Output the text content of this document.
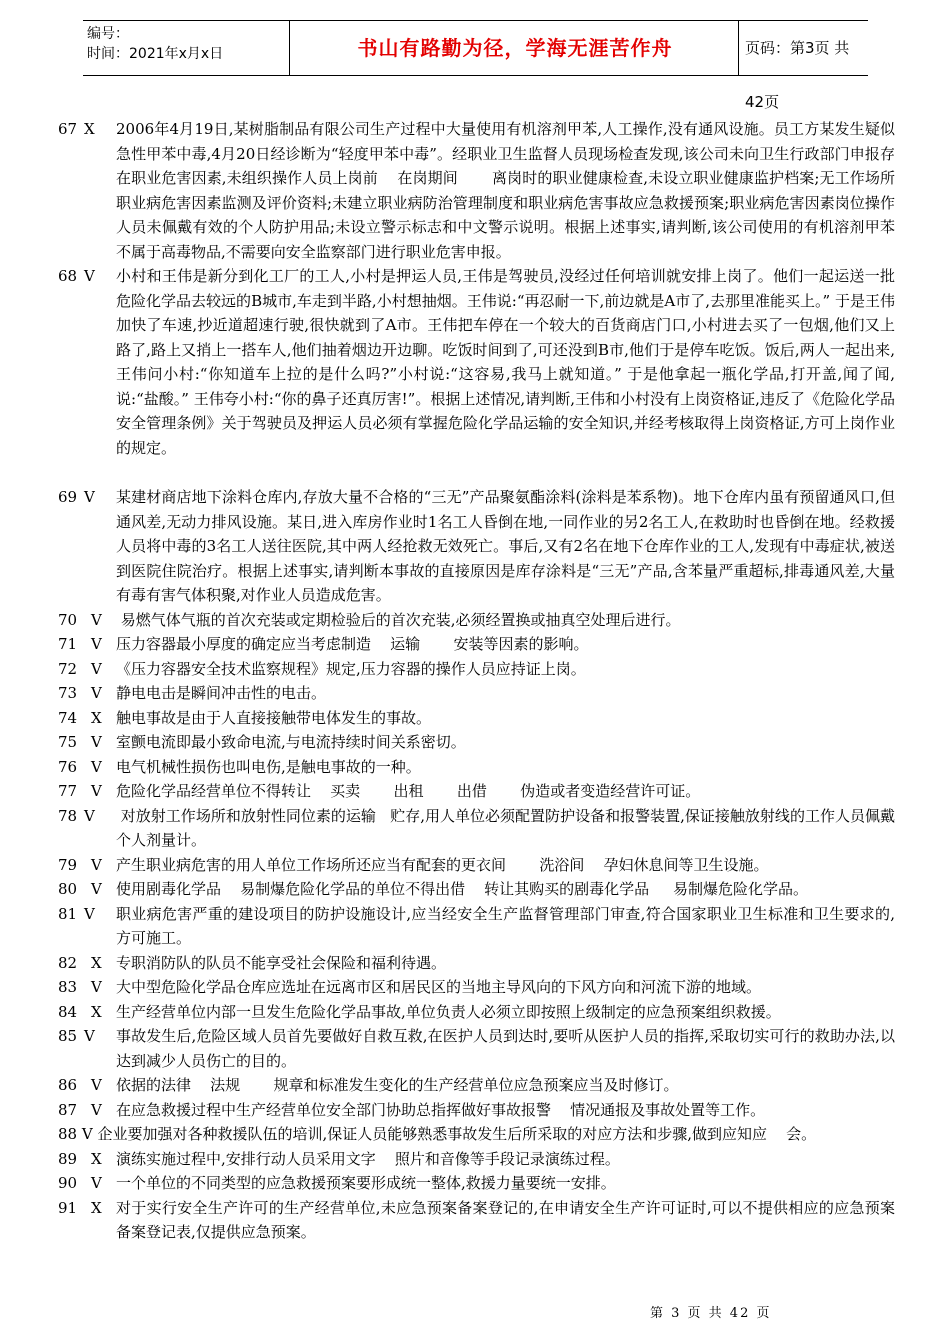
编号：
时间：2021年x月x日	书山有路勤为径，学海无涯苦作舟	页码：第3页 共42页
67 X 2006年4月19日,某树脂制品有限公司生产过程中大量使用有机溶剂甲苯,人工操作,没有通风设施。员工方某发生疑似急性甲苯中毒,4月20日经诊断为“轻度甲苯中毒”。经职业卫生监督人员现场检查发现,该公司未向卫生行政部门申报存在职业危害因素,未组织操作人员上岗前    在岗期间       离岗时的职业健康检查,未设立职业健康监护档案;无工作场所职业病危害因素监测及评价资料;未建立职业病防治管理制度和职业病危害事故应急救援预案;职业病危害因素岗位操作人员未佩戴有效的个人防护用品;未设立警示标志和中文警示说明。根据上述事实,请判断,该公司使用的有机溶剂甲苯不属于高毒物品,不需要向安全监察部门进行职业危害申报。
68 V 小村和王伟是新分到化工厂的工人,小村是押运人员,王伟是驾驶员,没经过任何培训就安排上岗了。他们一起运送一批危险化学品去较远的B城市,车走到半路,小村想抽烟。王伟说:“再忍耐一下,前边就是A市了,去那里准能买上。” 于是王伟加快了车速,抄近道超速行驶,很快就到了A市。王伟把车停在一个较大的百货商店门口,小村进去买了一包烟,他们又上路了,路上又捎上一搭车人,他们抽着烟边开边聊。吃饭时间到了,可还没到B市,他们于是停车吃饭。饭后,两人一起出来,王伟问小村:“你知道车上拉的是什么吗?”小村说:“这容易,我马上就知道。” 于是他拿起一瓶化学品,打开盖,闻了闻,说:“盐酸。” 王伟夸小村:“你的鼻子还真厉害!”。根据上述情况,请判断,王伟和小村没有上岗资格证,违反了《危险化学品安全管理条例》关于驾驶员及押运人员必须有掌握危险化学品运输的安全知识,并经考核取得上岗资格证,方可上岗作业的规定。
69 V 某建材商店地下涂料仓库内,存放大量不合格的“三无”产品聚氨酯涂料(涂料是苯系物)。地下仓库内虽有预留通风口,但通风差,无动力排风设施。某日,进入库房作业时1名工人昏倒在地,一同作业的另2名工人,在救助时也昏倒在地。经救援人员将中毒的3名工人送往医院,其中两人经抢救无效死亡。事后,又有2名在地下仓库作业的工人,发现有中毒症状,被送到医院住院治疗。根据上述事实,请判断本事故的直接原因是库存涂料是“三无”产品,含苯量严重超标,排毒通风差,大量有毒有害气体积聚,对作业人员造成危害。
70 V 易燃气体气瓶的首次充装或定期检验后的首次充装,必须经置换或抽真空处理后进行。
71 V 压力容器最小厚度的确定应当考虑制造    运输       安装等因素的影响。
72 V 《压力容器安全技术监察规程》规定,压力容器的操作人员应持证上岗。
73 V 静电电击是瞬间冲击性的电击。
74 X 触电事故是由于人直接接触带电体发生的事故。
75 V 室颤电流即最小致命电流,与电流持续时间关系密切。
76 V 电气机械性损伤也叫电伤,是触电事故的一种。
77 V 危险化学品经营单位不得转让    买卖       出租       出借       伪造或者变造经营许可证。
78 V 对放射工作场所和放射性同位素的运输   贮存,用人单位必须配置防护设备和报警装置,保证接触放射线的工作人员佩戴个人剂量计。
79 V 产生职业病危害的用人单位工作场所还应当有配套的更衣间       洗浴间    孕妇休息间等卫生设施。
80 V 使用剧毒化学品    易制爆危险化学品的单位不得出借    转让其购买的剧毒化学品     易制爆危险化学品。
81 V 职业病危害严重的建设项目的防护设施设计,应当经安全生产监督管理部门审查,符合国家职业卫生标准和卫生要求的,方可施工。
82 X 专职消防队的队员不能享受社会保险和福利待遇。
83 V 大中型危险化学品仓库应选址在远离市区和居民区的当地主导风向的下风方向和河流下游的地域。
84 X 生产经营单位内部一旦发生危险化学品事故,单位负责人必须立即按照上级制定的应急预案组织救援。
85 V 事故发生后,危险区域人员首先要做好自救互救,在医护人员到达时,要听从医护人员的指挥,采取切实可行的救助办法,以达到减少人员伤亡的目的。
86 V 依据的法律    法规       规章和标准发生变化的生产经营单位应急预案应当及时修订。
87 V 在应急救援过程中生产经营单位安全部门协助总指挥做好事故报警    情况通报及事故处置等工作。
88 V 企业要加强对各种救援队伍的培训,保证人员能够熟悉事故发生后所采取的对应方法和步骤,做到应知应    会。
89 X 演练实施过程中,安排行动人员采用文字    照片和音像等手段记录演练过程。
90 V 一个单位的不同类型的应急救援预案要形成统一整体,救援力量要统一安排。
91 X 对于实行安全生产许可的生产经营单位,未应急预案备案登记的,在申请安全生产许可证时,可以不提供相应的应急预案备案登记表,仅提供应急预案。
第 3 页 共 42 页
